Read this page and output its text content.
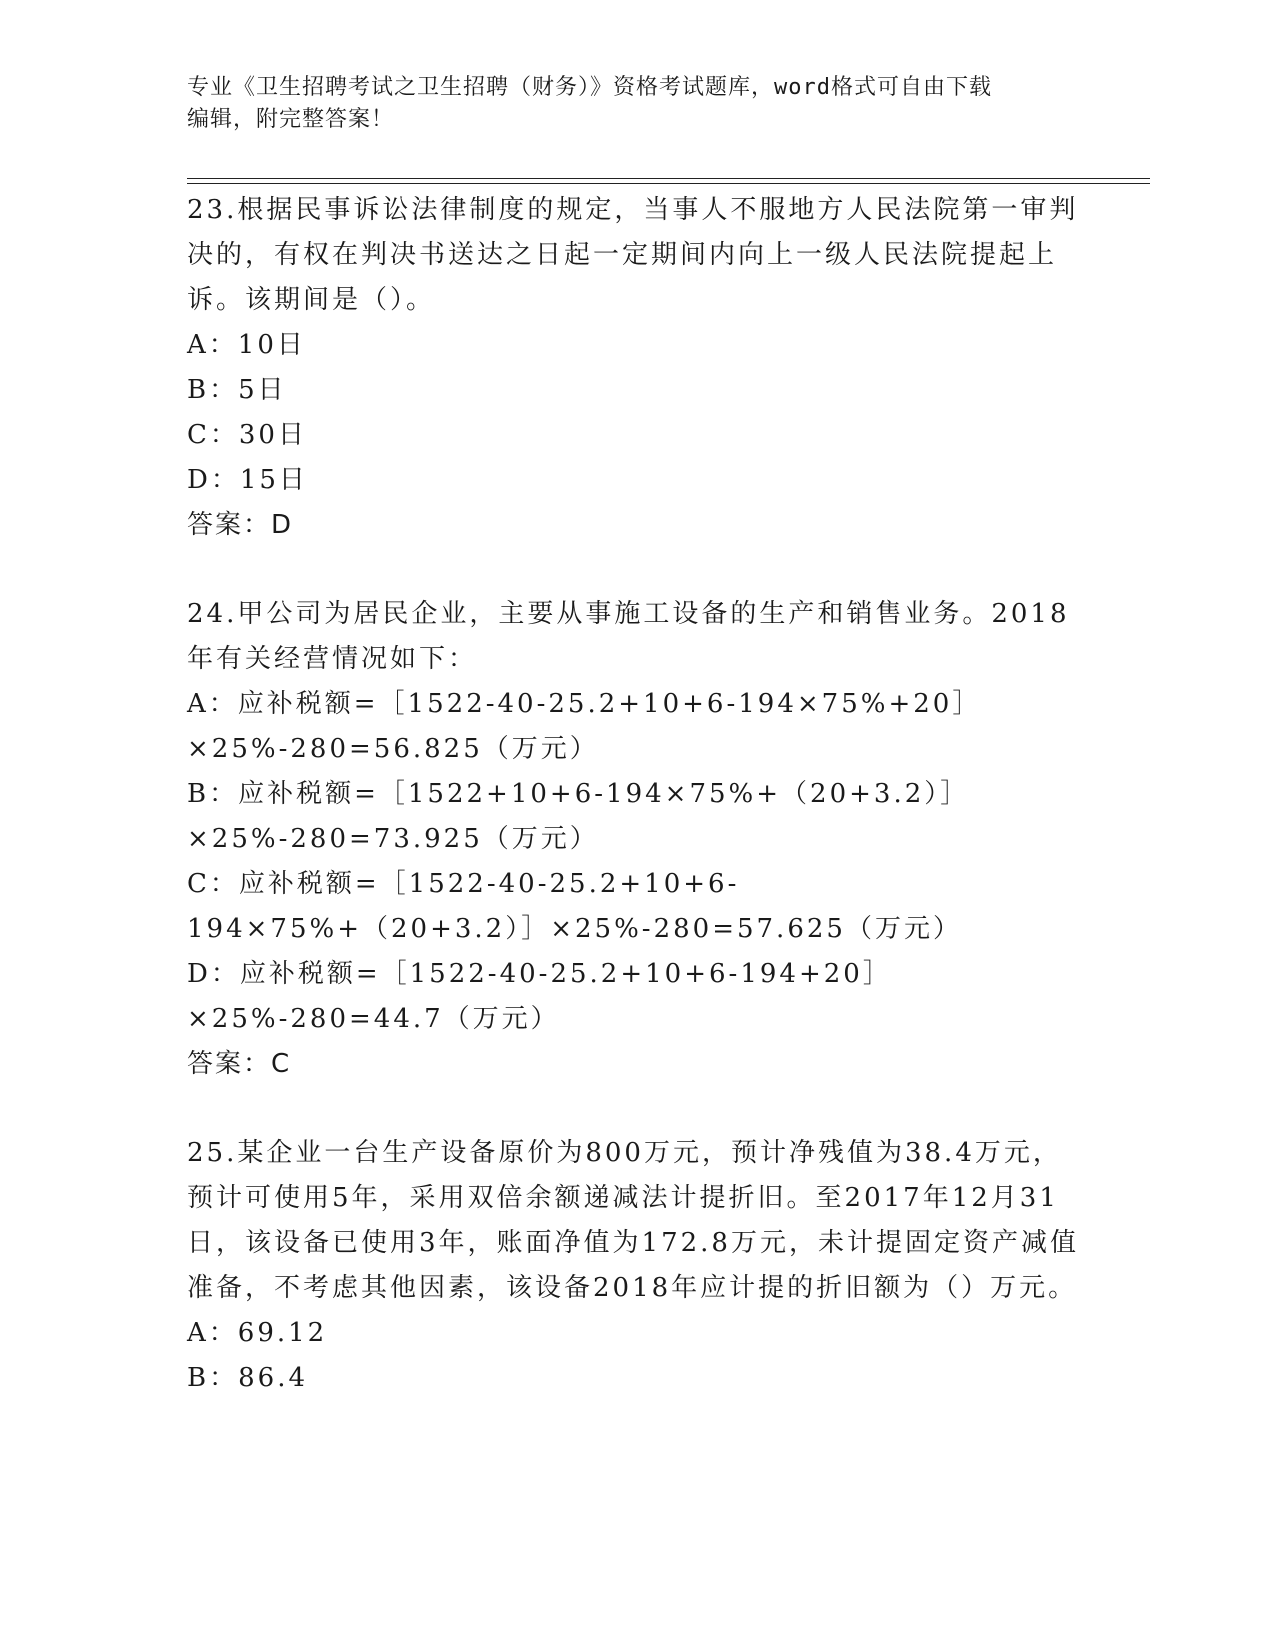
专业《卫生招聘考试之卫生招聘（财务）》资格考试题库，word格式可自由下载
编辑，附完整答案！
23.根据民事诉讼法律制度的规定，当事人不服地方人民法院第一审判决的，有权在判决书送达之日起一定期间内向上一级人民法院提起上诉。该期间是（）。
A：10日
B：5日
C：30日
D：15日
答案：D
24.甲公司为居民企业，主要从事施工设备的生产和销售业务。2018年有关经营情况如下：
A：应补税额=［1522-40-25.2+10+6-194×75%+20］×25%-280=56.825（万元）
B：应补税额=［1522+10+6-194×75%+（20+3.2）］×25%-280=73.925（万元）
C：应补税额=［1522-40-25.2+10+6-194×75%+（20+3.2）］×25%-280=57.625（万元）
D：应补税额=［1522-40-25.2+10+6-194+20］×25%-280=44.7（万元）
答案：C
25.某企业一台生产设备原价为800万元，预计净残值为38.4万元，预计可使用5年，采用双倍余额递减法计提折旧。至2017年12月31日，该设备已使用3年，账面净值为172.8万元，未计提固定资产减值准备，不考虑其他因素，该设备2018年应计提的折旧额为（）万元。
A：69.12
B：86.4
